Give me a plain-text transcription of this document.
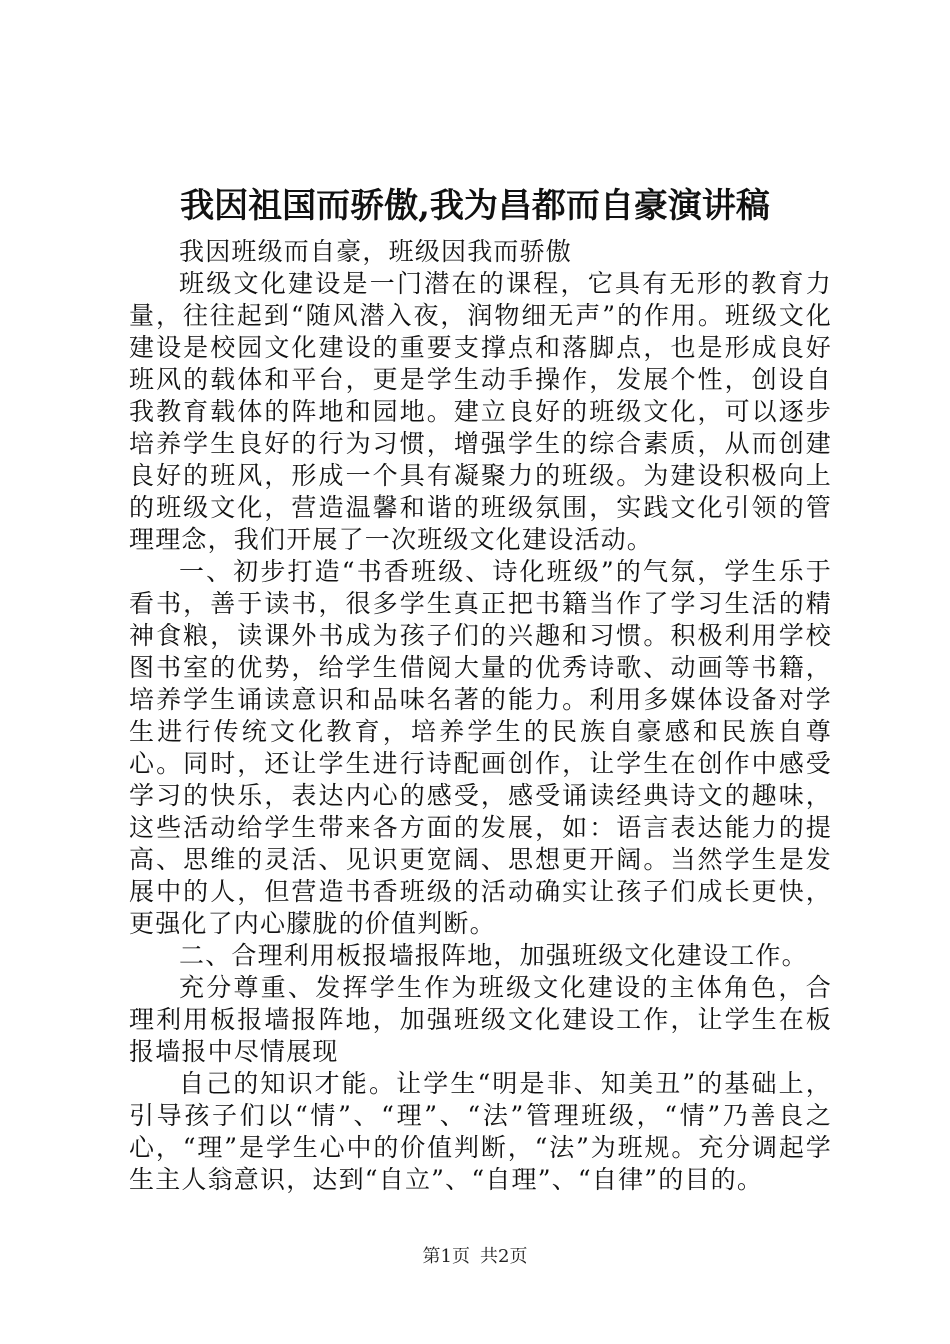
我因祖国而骄傲,我为昌都而自豪演讲稿

我因班级而自豪，班级因我而骄傲

班级文化建设是一门潜在的课程，它具有无形的教育力量，往往起到“随风潜入夜，润物细无声”的作用。班级文化建设是校园文化建设的重要支撑点和落脚点，也是形成良好班风的载体和平台，更是学生动手操作，发展个性，创设自我教育载体的阵地和园地。建立良好的班级文化，可以逐步培养学生良好的行为习惯，增强学生的综合素质，从而创建良好的班风，形成一个具有凝聚力的班级。为建设积极向上的班级文化，营造温馨和谐的班级氛围，实践文化引领的管理理念，我们开展了一次班级文化建设活动。

一、初步打造“书香班级、诗化班级”的气氛，学生乐于看书，善于读书，很多学生真正把书籍当作了学习生活的精神食粮，读课外书成为孩子们的兴趣和习惯。积极利用学校图书室的优势，给学生借阅大量的优秀诗歌、动画等书籍，培养学生诵读意识和品味名著的能力。利用多媒体设备对学生进行传统文化教育，培养学生的民族自豪感和民族自尊心。同时，还让学生进行诗配画创作，让学生在创作中感受学习的快乐，表达内心的感受，感受诵读经典诗文的趣味，这些活动给学生带来各方面的发展，如：语言表达能力的提高、思维的灵活、见识更宽阔、思想更开阔。当然学生是发展中的人，但营造书香班级的活动确实让孩子们成长更快，更强化了内心朦胧的价值判断。

二、合理利用板报墙报阵地，加强班级文化建设工作。

充分尊重、发挥学生作为班级文化建设的主体角色，合理利用板报墙报阵地，加强班级文化建设工作，让学生在板报墙报中尽情展现

自己的知识才能。让学生“明是非、知美丑”的基础上，引导孩子们以“情”、“理”、“法”管理班级，“情”乃善良之心，“理”是学生心中的价值判断，“法”为班规。充分调起学生主人翁意识，达到“自立”、“自理”、“自律”的目的。

第1页 共2页
